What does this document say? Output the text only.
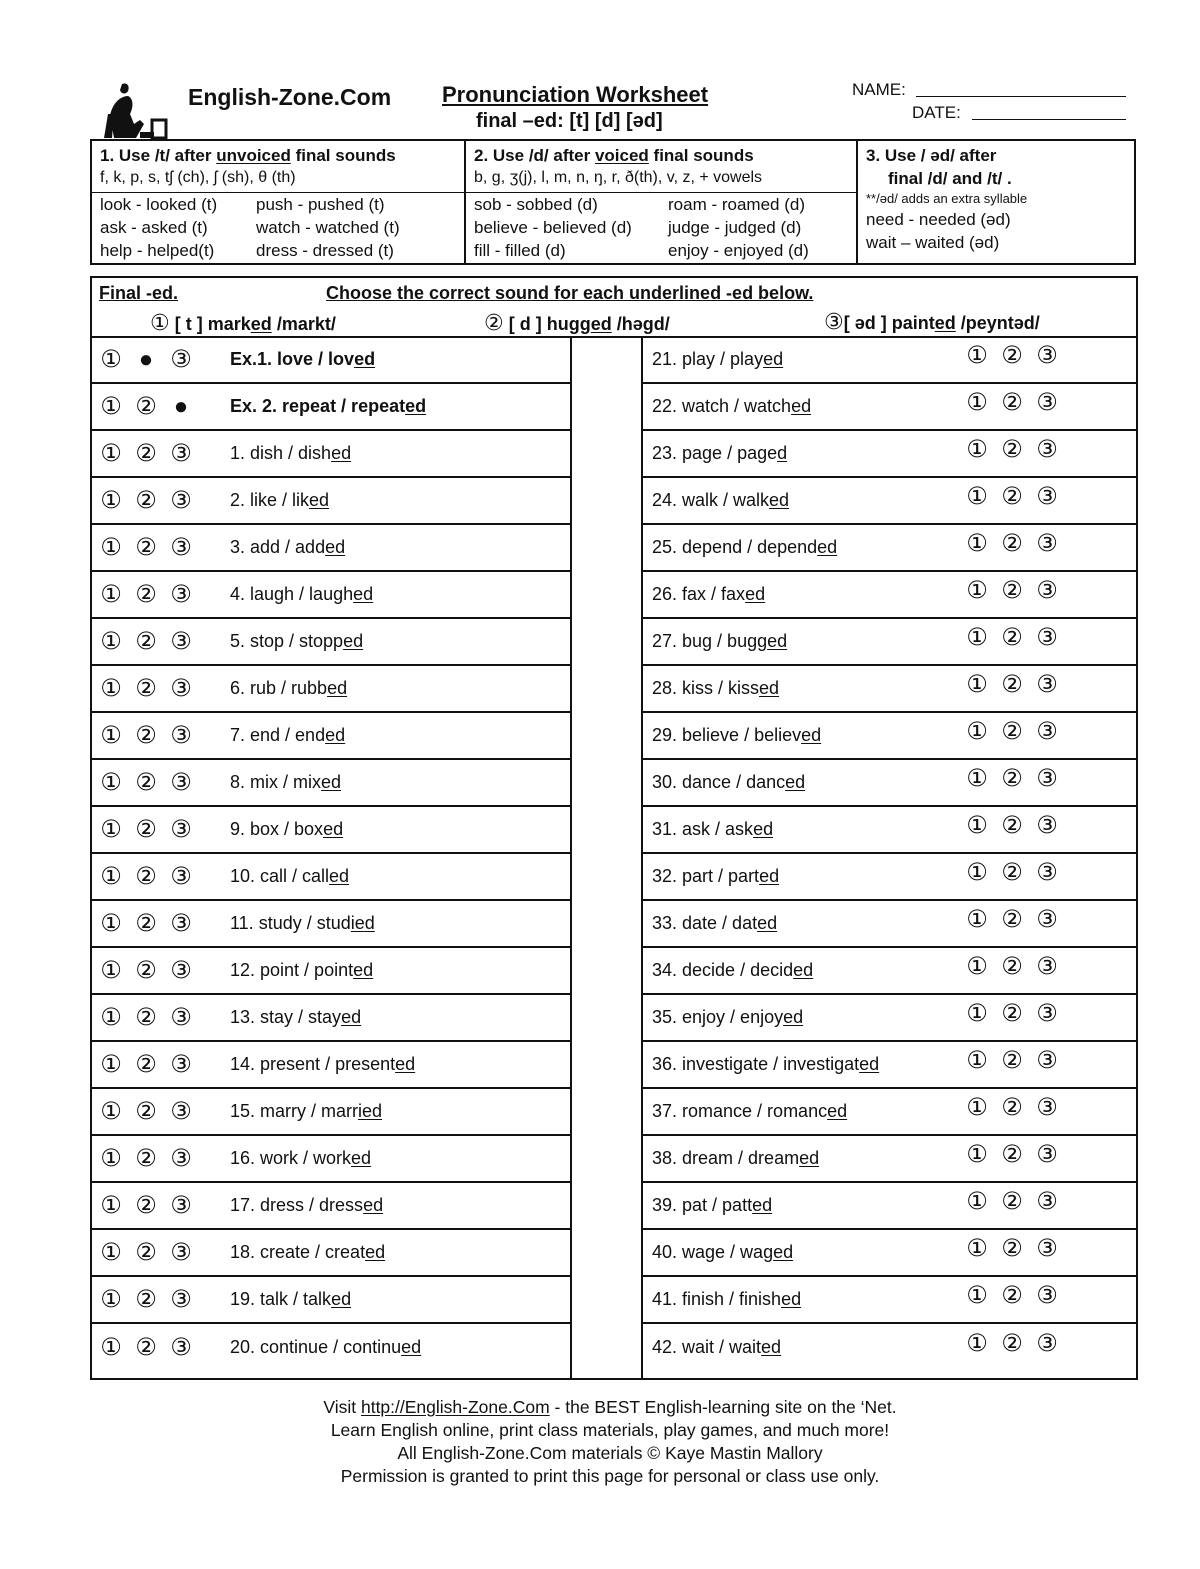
English-Zone.Com Pronunciation Worksheet
final –ed: [t] [d] [əd]
NAME:
DATE:
1. Use /t/ after unvoiced final sounds
f, k, p, s, tʃ (ch), ʃ (sh), θ (th)
look - looked (t) push - pushed (t)
ask - asked (t)	watch - watched (t)
help - helped(t) dress - dressed (t)
2. Use /d/ after voiced final sounds
b, g, ʒ(j), l, m, n, ŋ, r, ð(th), v, z, + vowels
sob - sobbed (d)	roam - roamed (d)
believe - believed (d) judge - judged (d)
fill - filled (d)	enjoy - enjoyed (d)
3. Use / əd/ after
final /d/ and /t/ .
**/əd/ adds an extra syllable
need - needed (əd)
wait – waited (əd)
Final -ed.	Choose the correct sound for each underlined -ed below.
① [ t ] marked /markt/	② [ d ] hugged /həgd/	③[ əd ] painted /peyntəd/
① ● ③ Ex.1. love / loved
① ② ●	Ex. 2. repeat / repeated
① ② ③ 1. dish / dished
① ② ③ 2. like / liked
① ② ③ 3. add / added
① ② ③ 4. laugh / laughed
① ② ③ 5. stop / stopped
① ② ③ 6. rub / rubbed
① ② ③ 7. end / ended
① ② ③ 8. mix / mixed
① ② ③ 9. box / boxed
① ② ③ 10. call / called
① ② ③ 11. study / studied
① ② ③ 12. point / pointed
① ② ③ 13. stay / stayed
① ② ③ 14. present / presented
① ② ③ 15. marry / married
① ② ③ 16. work / worked
① ② ③ 17. dress / dressed
① ② ③ 18. create / created
① ② ③ 19. talk / talked
① ② ③ 20. continue / continued
21. play / played	① ② ③
22. watch / watched	① ② ③
23. page / paged	① ② ③
24. walk / walked	① ② ③
25. depend / depended	① ② ③
26. fax / faxed	① ② ③
27. bug / bugged	① ② ③
28. kiss / kissed	① ② ③
29. believe / believed	① ② ③
30. dance / danced	① ② ③
31. ask / asked	① ② ③
32. part / parted	① ② ③
33. date / dated	① ② ③
34. decide / decided	① ② ③
35. enjoy / enjoyed	① ② ③
36. investigate / investigated	① ② ③
37. romance / romanced	① ② ③
38. dream / dreamed	① ② ③
39. pat / patted	① ② ③
40. wage / waged	① ② ③
41. finish / finished	① ② ③
42. wait / waited	① ② ③
Visit http://English-Zone.Com - the BEST English-learning site on the ‘Net.
Learn English online, print class materials, play games, and much more!
All English-Zone.Com materials © Kaye Mastin Mallory
Permission is granted to print this page for personal or class use only.
